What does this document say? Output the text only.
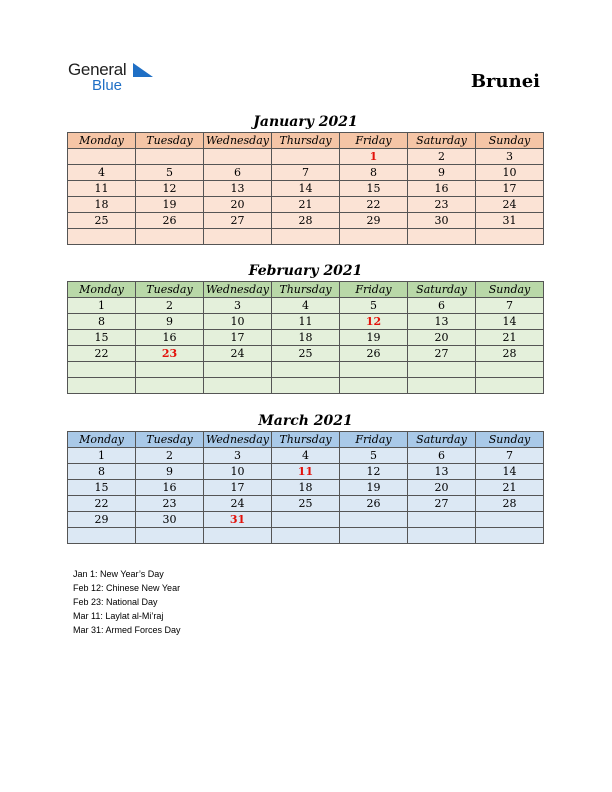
General
Blue	Brunei
January 2021
Monday	Tuesday	Wednesday	Thursday	Friday	Saturday	Sunday
				1	2	3
4	5	6	7	8	9	10
11	12	13	14	15	16	17
18	19	20	21	22	23	24
25	26	27	28	29	30	31

February 2021
Monday	Tuesday	Wednesday	Thursday	Friday	Saturday	Sunday
1	2	3	4	5	6	7
8	9	10	11	12	13	14
15	16	17	18	19	20	21
22	23	24	25	26	27	28

March 2021
Monday	Tuesday	Wednesday	Thursday	Friday	Saturday	Sunday
1	2	3	4	5	6	7
8	9	10	11	12	13	14
15	16	17	18	19	20	21
22	23	24	25	26	27	28
29	30	31				

Jan 1: New Year’s Day
Feb 12: Chinese New Year
Feb 23: National Day
Mar 11: Laylat al-Mi’raj
Mar 31: Armed Forces Day
